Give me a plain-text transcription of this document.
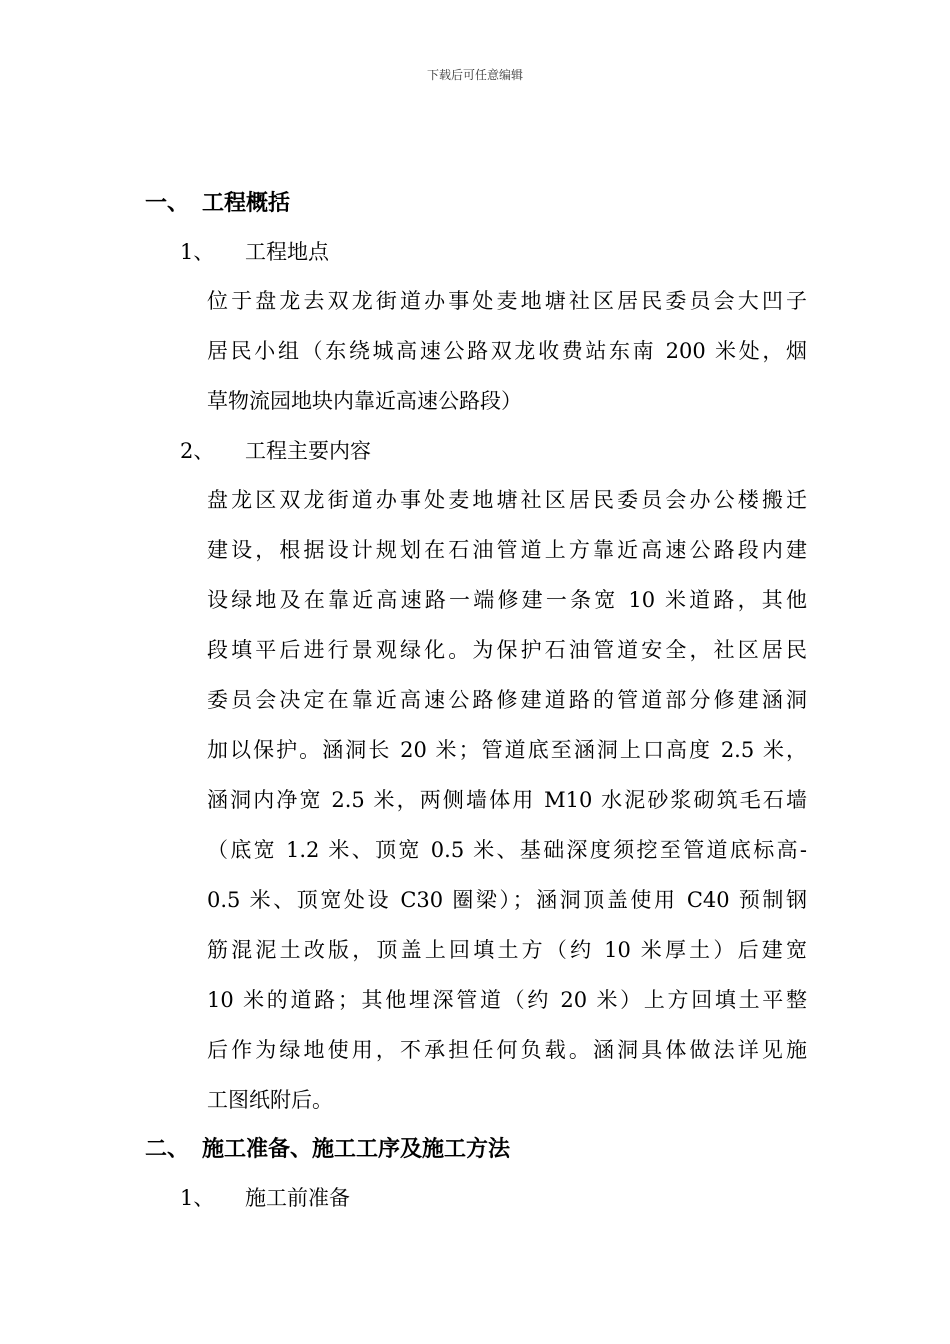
下载后可任意编辑
一、 工程概括
1、 工程地点
位于盘龙去双龙街道办事处麦地塘社区居民委员会大凹子
居民小组（东绕城高速公路双龙收费站东南 200 米处，烟
草物流园地块内靠近高速公路段）
2、 工程主要内容
盘龙区双龙街道办事处麦地塘社区居民委员会办公楼搬迁
建设，根据设计规划在石油管道上方靠近高速公路段内建
设绿地及在靠近高速路一端修建一条宽 10 米道路，其他
段填平后进行景观绿化。为保护石油管道安全，社区居民
委员会决定在靠近高速公路修建道路的管道部分修建涵洞
加以保护。涵洞长 20 米；管道底至涵洞上口高度 2.5 米，
涵洞内净宽 2.5 米，两侧墙体用 M10 水泥砂浆砌筑毛石墙
（底宽 1.2 米、顶宽 0.5 米、基础深度须挖至管道底标高-
0.5 米、顶宽处设 C30 圈梁）；涵洞顶盖使用 C40 预制钢
筋混泥土改版，顶盖上回填土方（约 10 米厚土）后建宽
10 米的道路；其他埋深管道（约 20 米）上方回填土平整
后作为绿地使用，不承担任何负载。涵洞具体做法详见施
工图纸附后。
二、 施工准备、施工工序及施工方法
1、 施工前准备
